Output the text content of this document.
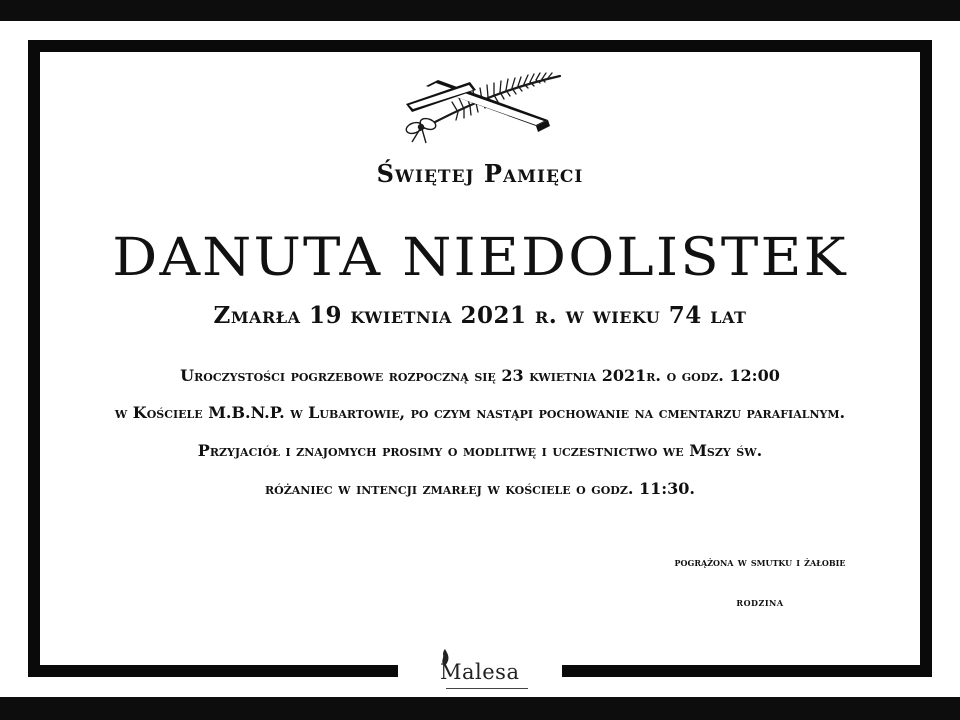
Świętej Pamięci
DANUTA NIEDOLISTEK
Zmarła 19 kwietnia 2021 r. w wieku 74 lat
Uroczystości pogrzebowe rozpoczną się 23 kwietnia 2021r. o godz. 12:00
w Kościele M.B.N.P. w Lubartowie, po czym nastąpi pochowanie na cmentarzu parafialnym.
Przyjaciół i znajomych prosimy o modlitwę i uczestnictwo we Mszy św.
różaniec w intencji zmarłej w kościele o godz. 11:30.
pogrążona w smutku i żałobie
rodzina
Malesa
